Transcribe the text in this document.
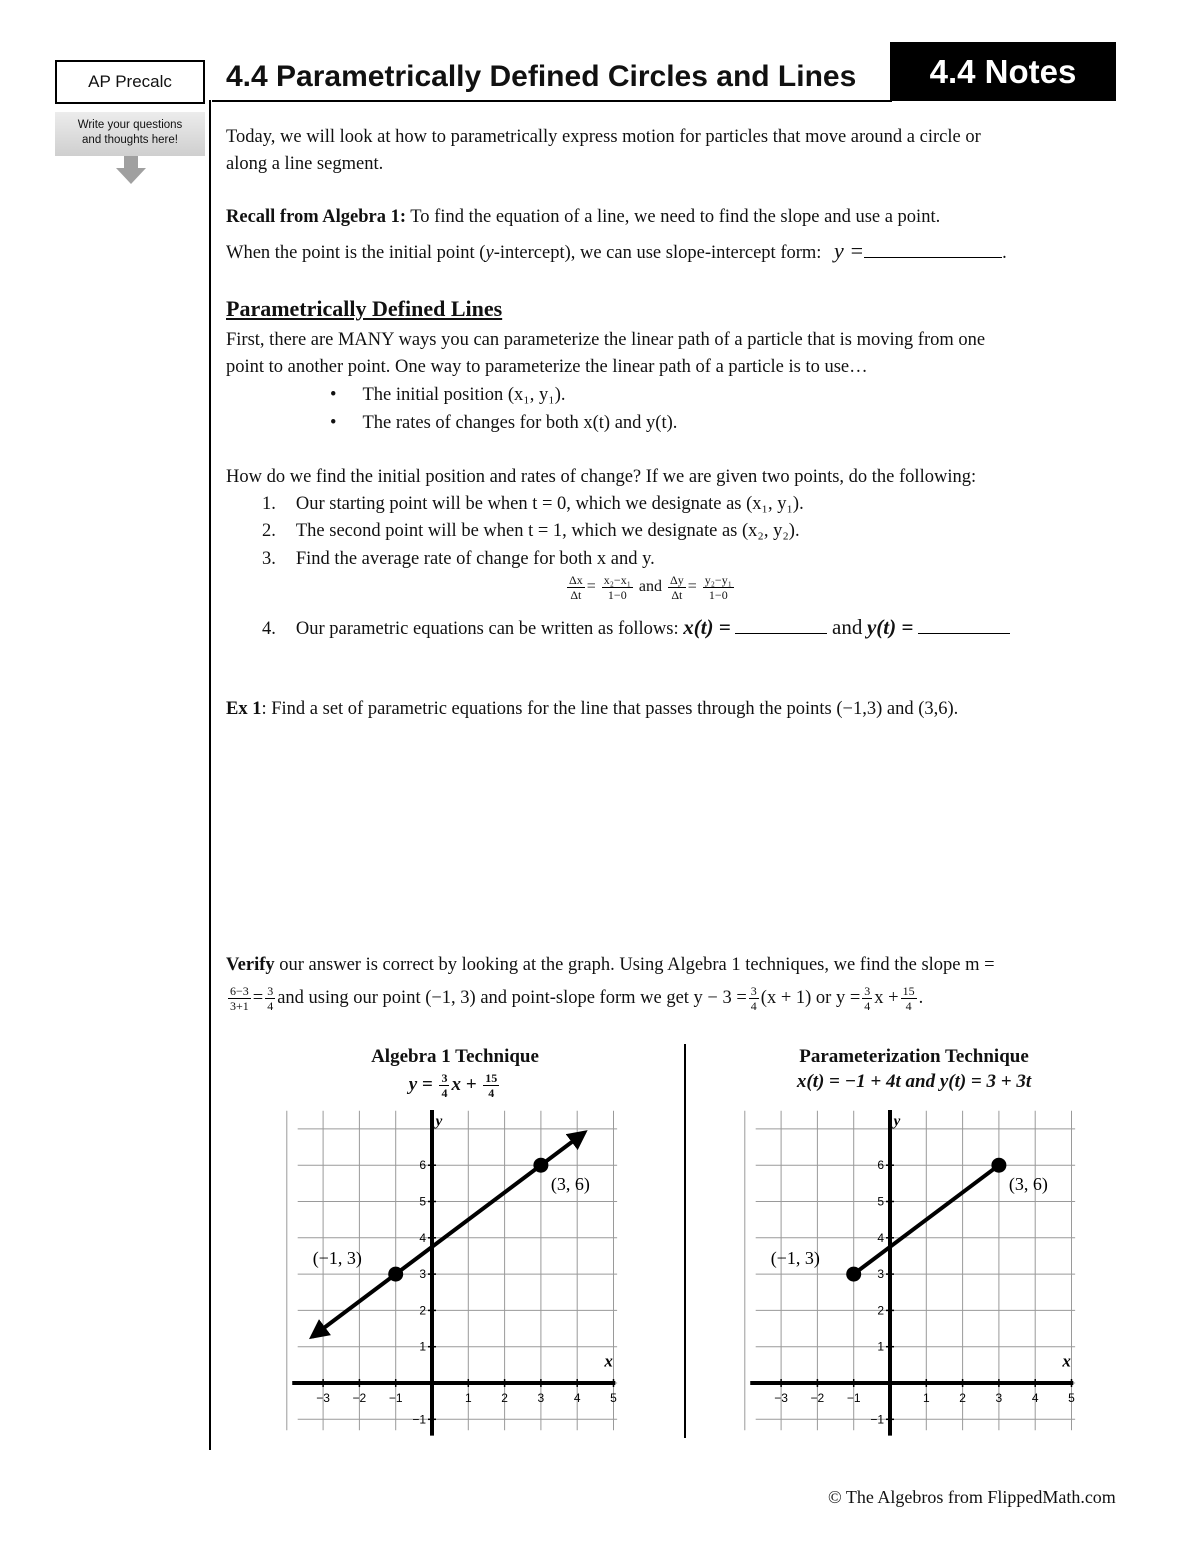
AP Precalc
Write your questions
and thoughts here!
4.4 Parametrically Defined Circles and Lines	4.4 Notes
Today, we will look at how to parametrically express motion for particles that move around a circle or
along a line segment.
Recall from Algebra 1: To find the equation of a line, we need to find the slope and use a point.
When the point is the initial point (y-intercept), we can use slope-intercept form: y =	.
Parametrically Defined Lines
First, there are MANY ways you can parameterize the linear path of a particle that is moving from one
point to another point. One way to parameterize the linear path of a particle is to use…
• The initial position (x₁, y₁).
• The rates of changes for both x(t) and y(t).
How do we find the initial position and rates of change? If we are given two points, do the following:
1. Our starting point will be when t = 0, which we designate as (x₁, y₁).
2. The second point will be when t = 1, which we designate as (x₂, y₂).
3. Find the average rate of change for both x and y.
$\frac{\Delta x}{\Delta t} = \frac{\text{x₂−x₁}}{1-0}$ and $\frac{\Delta y}{\Delta t} = \frac{\text{y₂−y₁}}{1-0}$
4. Our parametric equations can be written as follows: x(t) =	and y(t) =
Ex 1: Find a set of parametric equations for the line that passes through the points (−1,3) and (3,6).
Verify our answer is correct by looking at the graph. Using Algebra 1 techniques, we find the slope m =
$\frac{6-3}{3+1} = \frac{3}{4}$ and using our point (−1, 3) and point-slope form we get $y - 3 = \frac{3}{4} (x + 1)$ or $y = \frac{3}{4}$ $x + \frac{15}{4}$ .
Algebra 1 Technique
$y = \frac{3}{4}$ $x + \frac{15}{4}$
Parameterization Technique
x(t) = −1 + 4t and y(t) = 3 + 3t
x
y
−3 −2 −1	1 2 3 4 5
−1
1
2
3
4
5
6
(−1, 3)
(3, 6)
x
y
−3 −2 −1	1 2 3 4 5
−1
1
2
3
4
5
6
(−1, 3)
(3, 6)
© The Algebros from FlippedMath.com
